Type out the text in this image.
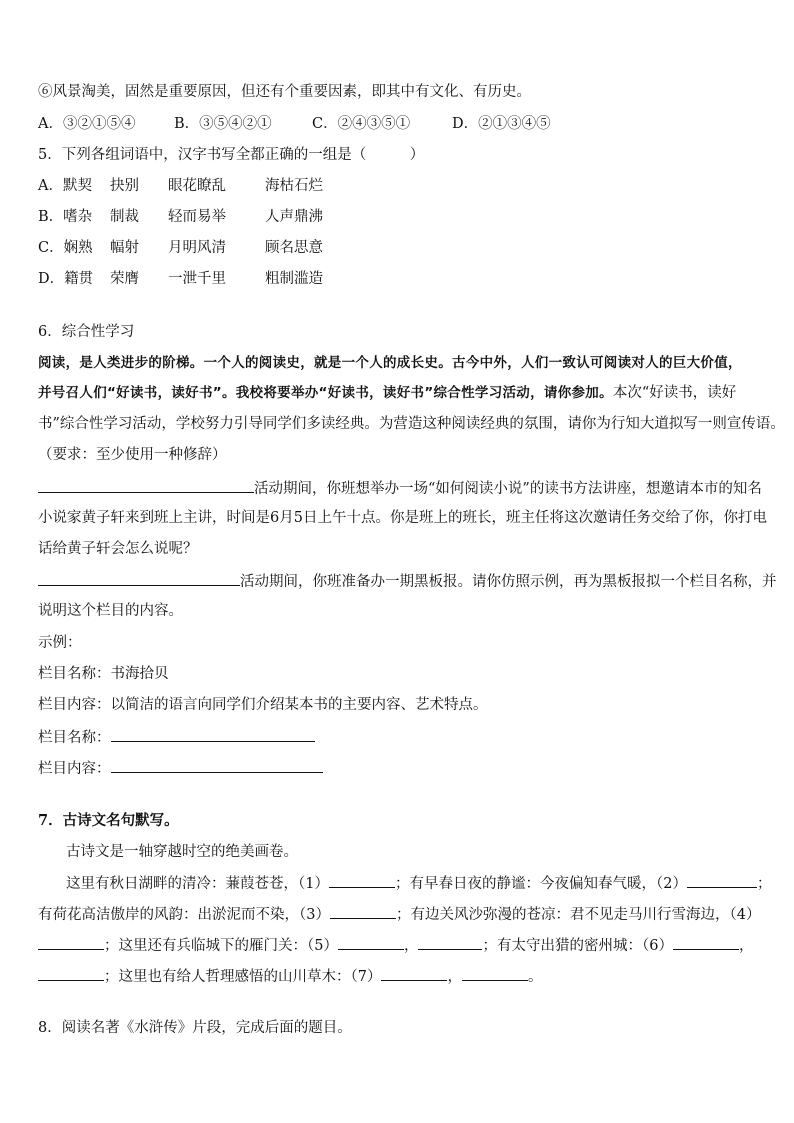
⑥风景淘美，固然是重要原因，但还有个重要因素，即其中有文化、有历史。
A．③②①⑤④	B．③⑤④②①	C．②④③⑤①	D．②①③④⑤
5．下列各组词语中，汉字书写全都正确的一组是（　　　）
A．默契 抉别 眼花瞭乱	海枯石烂
B．嗜杂 制裁 轻而易举	人声鼎沸
C．娴熟 幅射 月明风清	顾名思意
D．籍贯 荣膺 一泄千里	粗制滥造
6．综合性学习
阅读，是人类进步的阶梯。一个人的阅读史，就是一个人的成长史。古今中外，人们一致认可阅读对人的巨大价值，
并号召人们“好读书，读好书”。我校将要举办“好读书，读好书”综合性学习活动，请你参加。本次“好读书，读好
书”综合性学习活动，学校努力引导同学们多读经典。为营造这种阅读经典的氛围，请你为行知大道拟写一则宣传语。
（要求：至少使用一种修辞）
活动期间，你班想举办一场“如何阅读小说”的读书方法讲座，想邀请本市的知名
小说家黄子轩来到班上主讲，时间是6月5日上午十点。你是班上的班长，班主任将这次邀请任务交给了你，你打电
话给黄子轩会怎么说呢？
活动期间，你班准备办一期黑板报。请你仿照示例，再为黑板报拟一个栏目名称，并
说明这个栏目的内容。
示例：
栏目名称：书海拾贝
栏目内容：以简洁的语言向同学们介绍某本书的主要内容、艺术特点。
栏目名称：
栏目内容：
7．古诗文名句默写。
古诗文是一轴穿越时空的绝美画卷。
这里有秋日湖畔的清冷：蒹葭苍苍，（1）	；有早春日夜的静谧：今夜偏知春气暖，（2）	；
有荷花高洁傲岸的风韵：出淤泥而不染，（3）	；有边关风沙弥漫的苍凉：君不见走马川行雪海边，（4）
；这里还有兵临城下的雁门关：（5）	，	；有太守出猎的密州城：（6）	，
；这里也有给人哲理感悟的山川草木：（7）	，	。
8．阅读名著《水浒传》片段，完成后面的题目。
